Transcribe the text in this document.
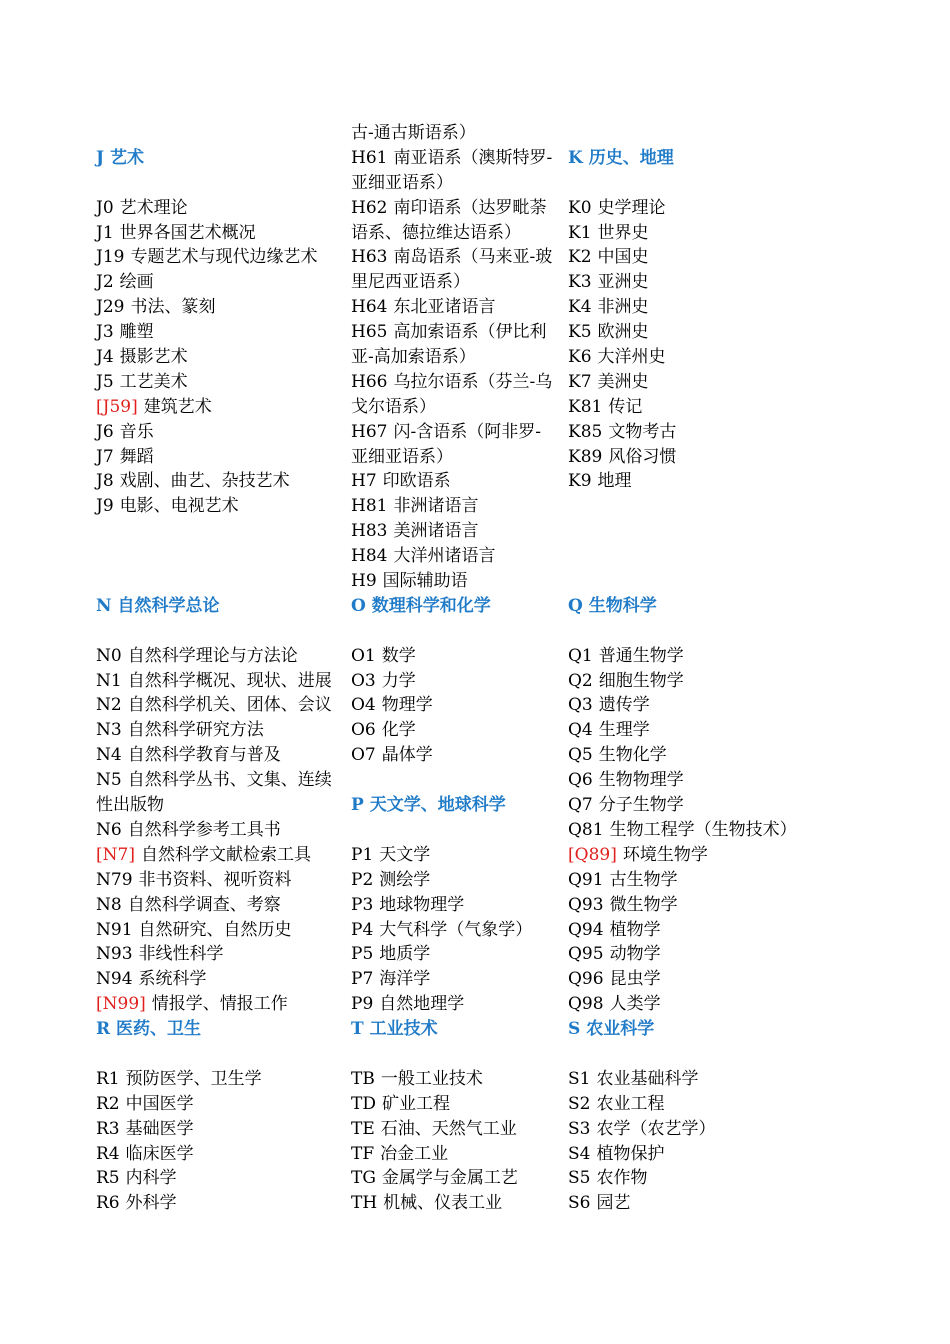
J 艺术
J0 艺术理论
J1 世界各国艺术概况
J19 专题艺术与现代边缘艺术
J2 绘画
J29 书法、篆刻
J3 雕塑
J4 摄影艺术
J5 工艺美术
[J59] 建筑艺术
J6 音乐
J7 舞蹈
J8 戏剧、曲艺、杂技艺术
J9 电影、电视艺术
N 自然科学总论
N0 自然科学理论与方法论
N1 自然科学概况、现状、进展
N2 自然科学机关、团体、会议
N3 自然科学研究方法
N4 自然科学教育与普及
N5 自然科学丛书、文集、连续
性出版物
N6 自然科学参考工具书
[N7] 自然科学文献检索工具
N79 非书资料、视听资料
N8 自然科学调查、考察
N91 自然研究、自然历史
N93 非线性科学
N94 系统科学
[N99] 情报学、情报工作
R 医药、卫生
R1 预防医学、卫生学
R2 中国医学
R3 基础医学
R4 临床医学
R5 内科学
R6 外科学
古-通古斯语系）
H61 南亚语系（澳斯特罗-
亚细亚语系）
H62 南印语系（达罗毗荼
语系、德拉维达语系）
H63 南岛语系（马来亚-玻
里尼西亚语系）
H64 东北亚诸语言
H65 高加索语系（伊比利
亚-高加索语系）
H66 乌拉尔语系（芬兰-乌
戈尔语系）
H67 闪-含语系（阿非罗-
亚细亚语系）
H7 印欧语系
H81 非洲诸语言
H83 美洲诸语言
H84 大洋州诸语言
H9 国际辅助语
O 数理科学和化学
O1 数学
O3 力学
O4 物理学
O6 化学
O7 晶体学
P 天文学、地球科学
P1 天文学
P2 测绘学
P3 地球物理学
P4 大气科学（气象学）
P5 地质学
P7 海洋学
P9 自然地理学
T 工业技术
TB 一般工业技术
TD 矿业工程
TE 石油、天然气工业
TF 冶金工业
TG 金属学与金属工艺
TH 机械、仪表工业
K 历史、地理
K0 史学理论
K1 世界史
K2 中国史
K3 亚洲史
K4 非洲史
K5 欧洲史
K6 大洋州史
K7 美洲史
K81 传记
K85 文物考古
K89 风俗习惯
K9 地理
Q 生物科学
Q1 普通生物学
Q2 细胞生物学
Q3 遗传学
Q4 生理学
Q5 生物化学
Q6 生物物理学
Q7 分子生物学
Q81 生物工程学（生物技术）
[Q89] 环境生物学
Q91 古生物学
Q93 微生物学
Q94 植物学
Q95 动物学
Q96 昆虫学
Q98 人类学
S 农业科学
S1 农业基础科学
S2 农业工程
S3 农学（农艺学）
S4 植物保护
S5 农作物
S6 园艺
